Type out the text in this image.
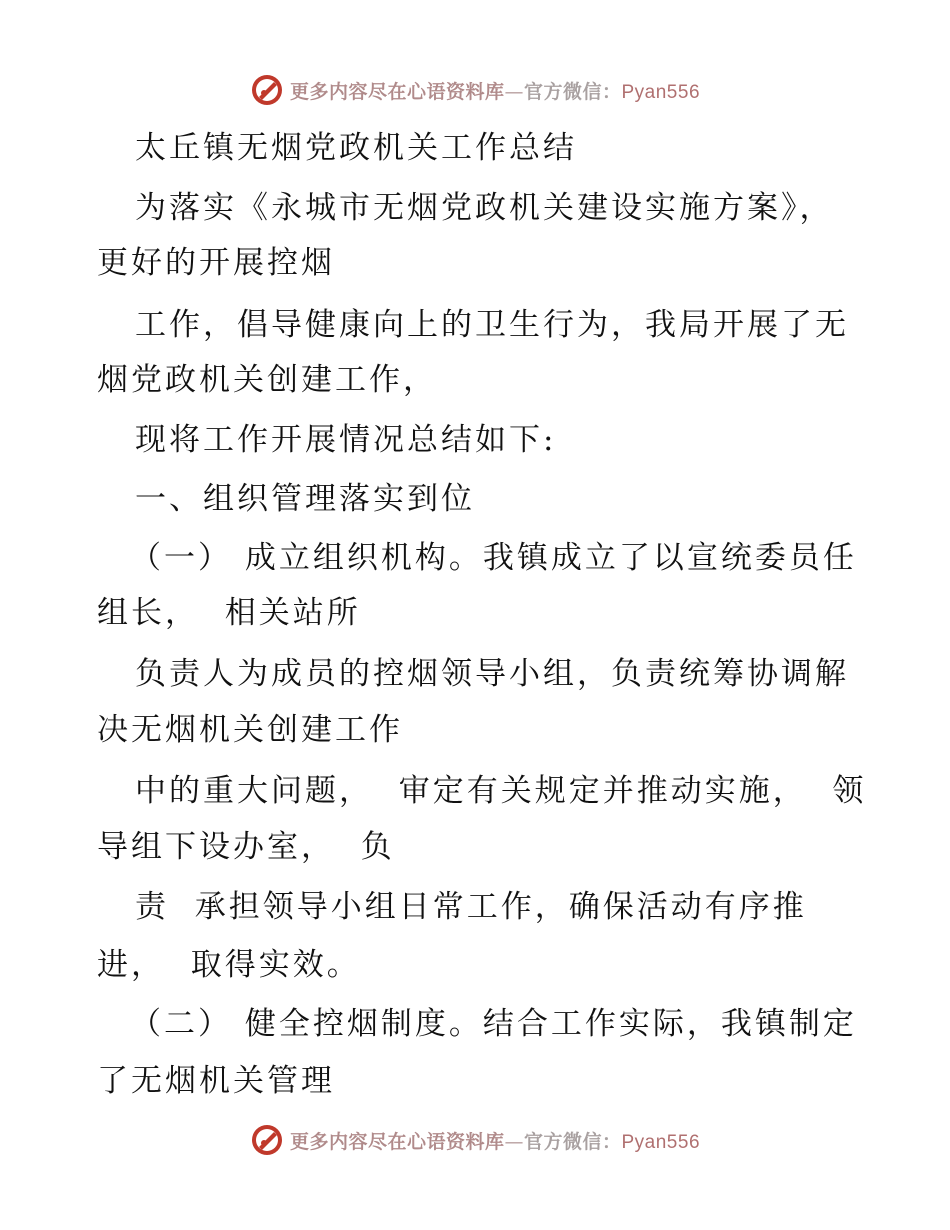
更多内容尽在心语资料库—官方微信：Pyan556
太丘镇无烟党政机关工作总结
为落实《永城市无烟党政机关建设实施方案》，
更好的开展控烟
工作，倡导健康向上的卫生行为，我局开展了无
烟党政机关创建工作，
现将工作开展情况总结如下:
一、组织管理落实到位
（一） 成立组织机构。我镇成立了以宣统委员任
组长，  相关站所
负责人为成员的控烟领导小组，负责统筹协调解
决无烟机关创建工作
中的重大问题，  审定有关规定并推动实施，  领
导组下设办室，  负
责  承担领导小组日常工作，确保活动有序推
进，  取得实效。
（二） 健全控烟制度。结合工作实际，我镇制定
了无烟机关管理
更多内容尽在心语资料库—官方微信：Pyan556
